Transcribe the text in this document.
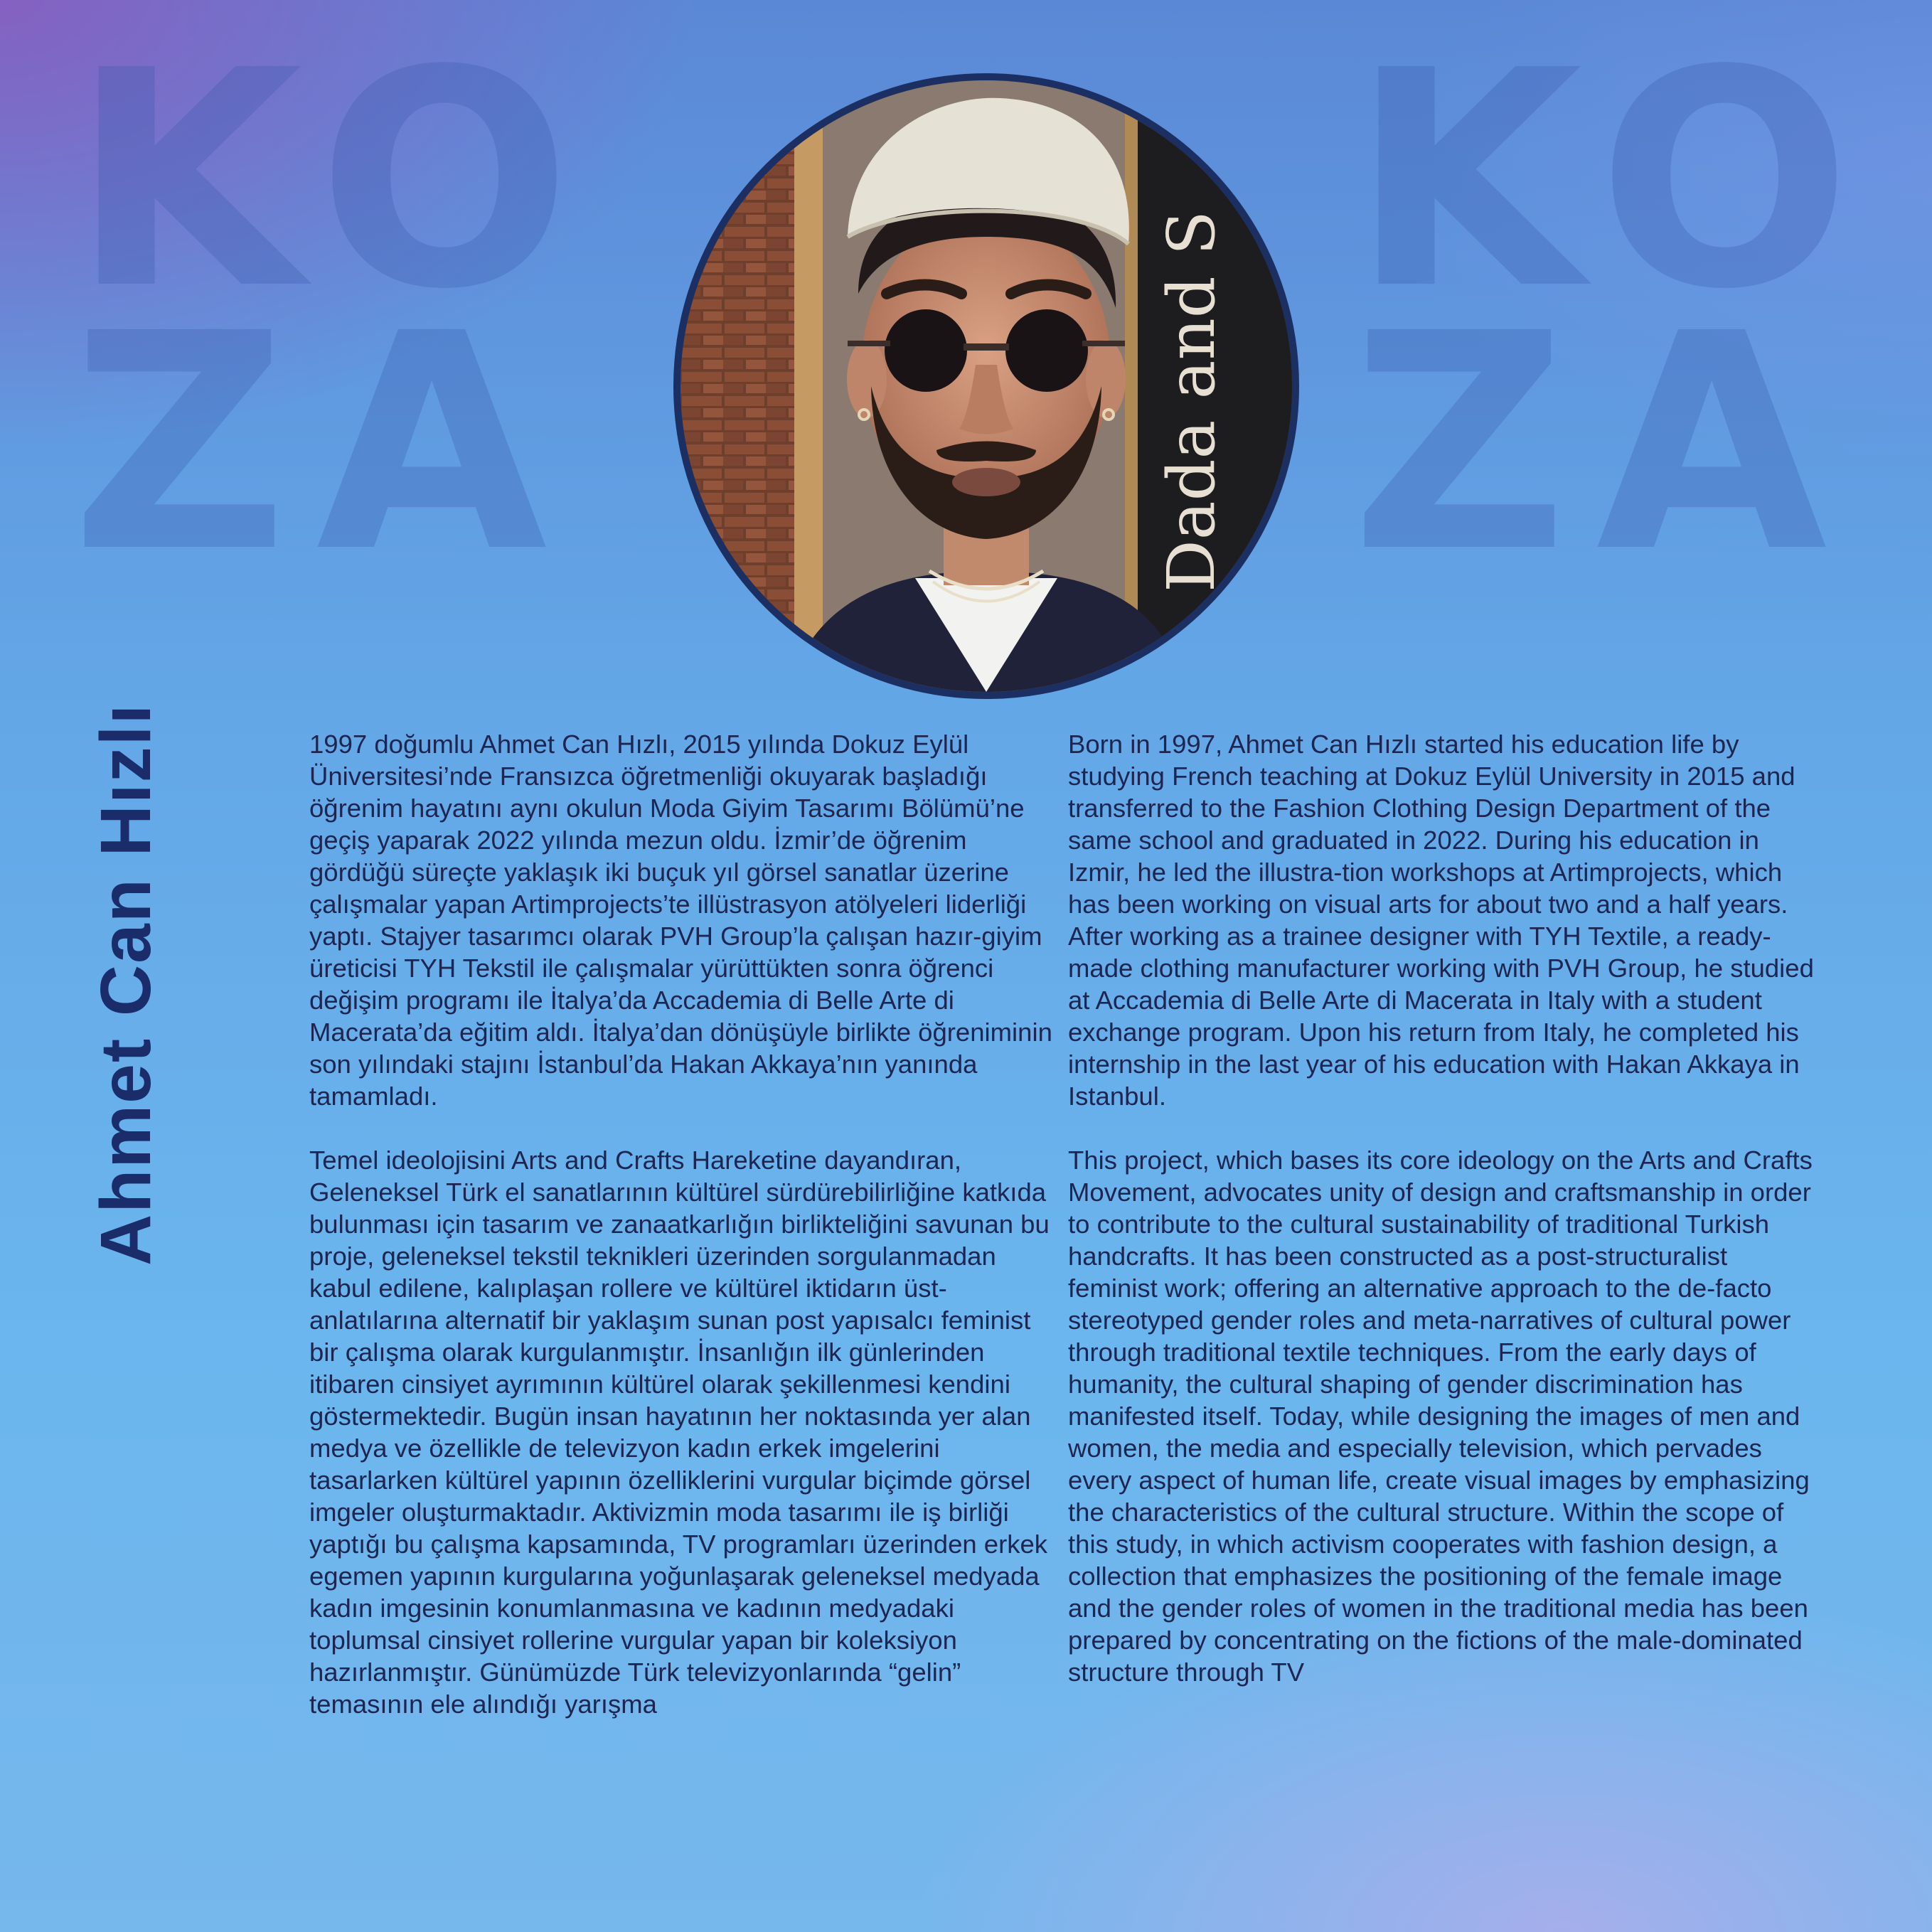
KO
ZA
KO
ZA
Dada and S
Ahmet Can Hızlı	1997 doğumlu Ahmet Can Hızlı, 2015 yılında Dokuz Eylül Üniversitesi’nde Fransızca öğretmenliği okuyarak başladığı öğrenim hayatını aynı okulun Moda Giyim Tasarımı Bölümü’ne geçiş yaparak 2022 yılında mezun oldu. İzmir’de öğrenim gördüğü süreçte yaklaşık iki buçuk yıl görsel sanatlar üzerine çalışmalar yapan Artimprojects’te illüstrasyon atölyeleri liderliği yaptı. Stajyer tasarımcı olarak PVH Group’la çalışan hazır-giyim üreticisi TYH Tekstil ile çalışmalar yürüttükten sonra öğrenci değişim programı ile İtalya’da Accademia di Belle Arte di Macerata’da eğitim aldı. İtalya’dan dönüşüyle birlikte öğreniminin son yılındaki stajını İstanbul’da Hakan Akkaya’nın yanında tamamladı.

Temel ideolojisini Arts and Crafts Hareketine dayandıran, Geleneksel Türk el sanatlarının kültürel sürdürebilirliğine katkıda bulunması için tasarım ve zanaatkarlığın birlikteliğini savunan bu proje, geleneksel tekstil teknikleri üzerinden sorgulanmadan kabul edilene, kalıplaşan rollere ve kültürel iktidarın üst-anlatılarına alternatif bir yaklaşım sunan post yapısalcı feminist bir çalışma olarak kurgulanmıştır. İnsanlığın ilk günlerinden itibaren cinsiyet ayrımının kültürel olarak şekillenmesi kendini göstermektedir. Bugün insan hayatının her noktasında yer alan medya ve özellikle de televizyon kadın erkek imgelerini tasarlarken kültürel yapının özelliklerini vurgular biçimde görsel imgeler oluşturmaktadır. Aktivizmin moda tasarımı ile iş birliği yaptığı bu çalışma kapsamında, TV programları üzerinden erkek egemen yapının kurgularına yoğunlaşarak geleneksel medyada kadın imgesinin konumlanmasına ve kadının medyadaki toplumsal cinsiyet rollerine vurgular yapan bir koleksiyon hazırlanmıştır. Günümüzde Türk televizyonlarında “gelin” temasının ele alındığı yarışma

Born in 1997, Ahmet Can Hızlı started his education life by studying French teaching at Dokuz Eylül University in 2015 and transferred to the Fashion Clothing Design Department of the same school and graduated in 2022. During his education in Izmir, he led the illustra-tion workshops at Artimprojects, which has been working on visual arts for about two and a half years. After working as a trainee designer with TYH Textile, a ready-made clothing manufacturer working with PVH Group, he studied at Accademia di Belle Arte di Macerata in Italy with a student exchange program. Upon his return from Italy, he completed his internship in the last year of his education with Hakan Akkaya in Istanbul.

This project, which bases its core ideology on the Arts and Crafts Movement, advocates unity of design and craftsmanship in order to contribute to the cultural sustainability of traditional Turkish handcrafts. It has been constructed as a post-structuralist feminist work; offering an alternative approach to the de-facto stereotyped gender roles and meta-narratives of cultural power through traditional textile techniques. From the early days of humanity, the cultural shaping of gender discrimination has manifested itself. Today, while designing the images of men and women, the media and especially television, which pervades every aspect of human life, create visual images by emphasizing the characteristics of the cultural structure. Within the scope of this study, in which activism cooperates with fashion design, a collection that emphasizes the positioning of the female image and the gender roles of women in the traditional media has been prepared by concentrating on the fictions of the male-dominated structure through TV
